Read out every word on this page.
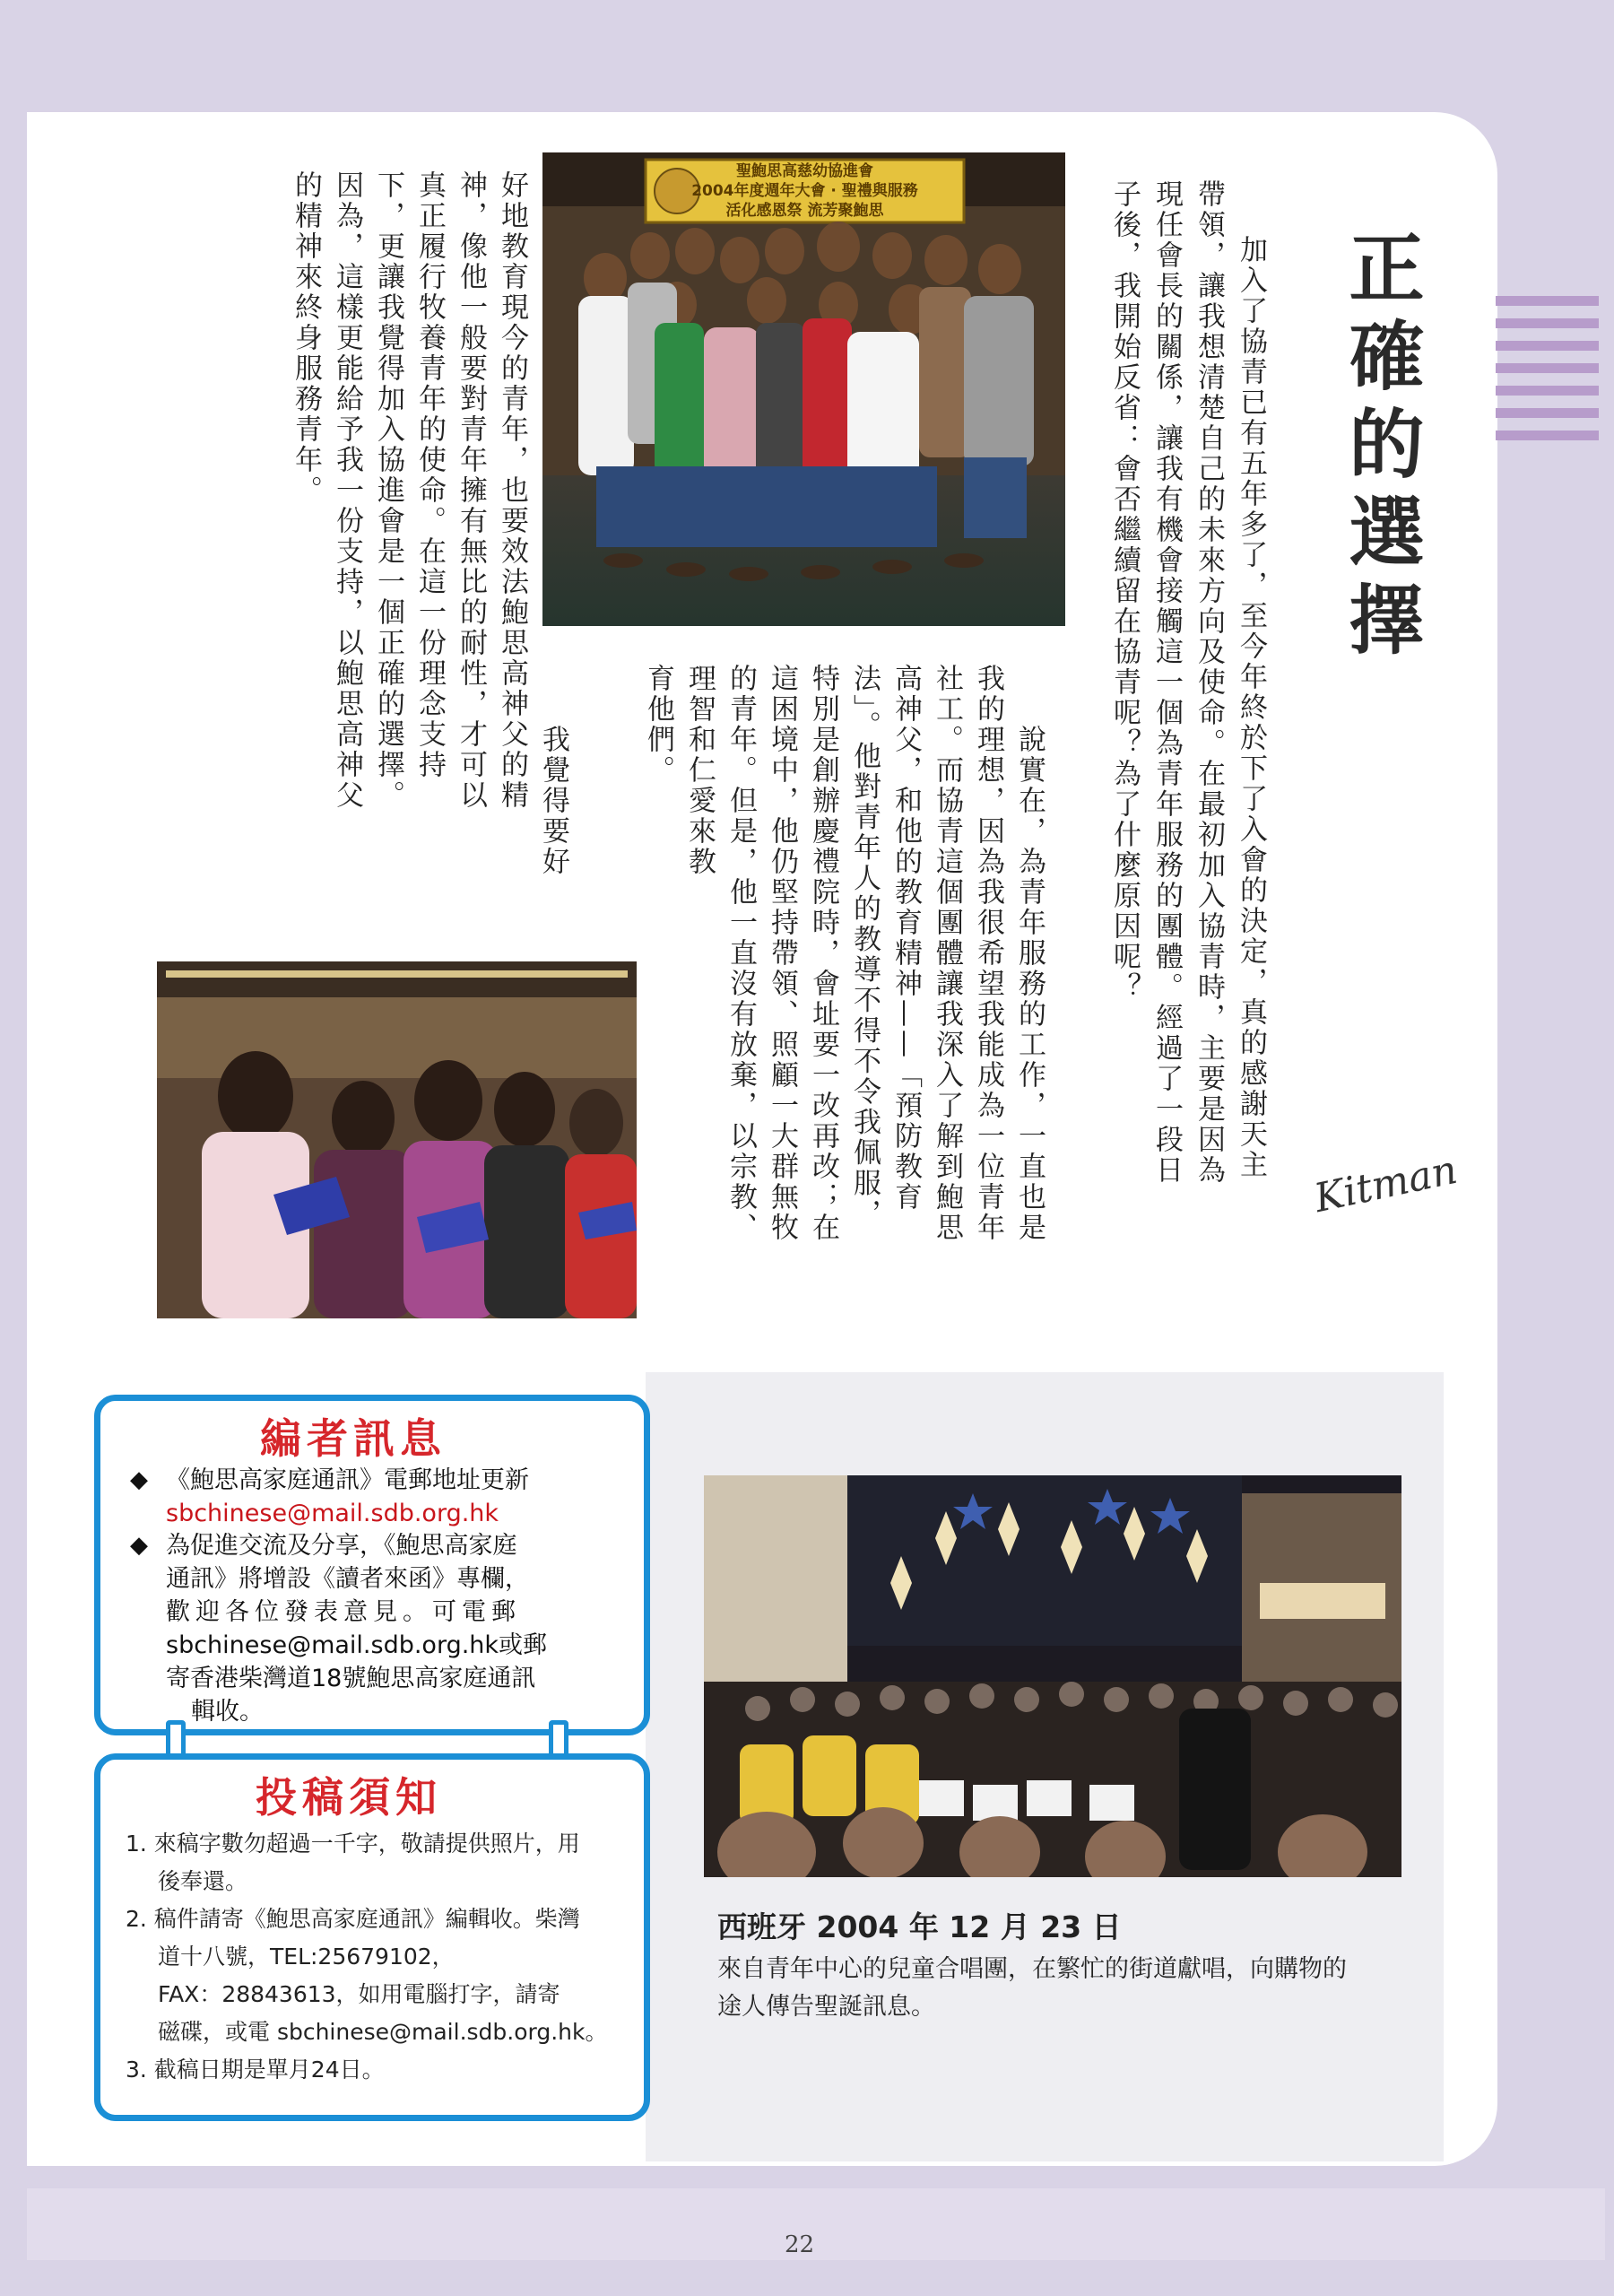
正確的選擇
Kitman
加入了協青已有五年多了，至今年終於下了入會的決定，真的感謝天主
帶領，讓我想清楚自己的未來方向及使命。在最初加入協青時，主要是因為
現任會長的關係，讓我有機會接觸這一個為青年服務的團體。經過了一段日
子後，我開始反省：會否繼續留在協青呢？為了什麼原因呢？
聖鮑思高慈幼協進會
2004年度週年大會 · 聖禮與服務
活化感恩祭 流芳聚鮑思
說實在，為青年服務的工作，一直也是
我的理想，因為我很希望我能成為一位青年
社工。而協青這個團體讓我深入了解到鮑思
高神父，和他的教育精神——「預防教育
法」。他對青年人的教導不得不令我佩服，
特別是創辦慶禮院時，會址要一改再改；在
這困境中，他仍堅持帶領、照顧一大群無牧
的青年。但是，他一直沒有放棄，以宗教、
理智和仁愛來教
育他們。
我覺得要好
好地教育現今的青年，也要效法鮑思高神父的精
神，像他一般要對青年擁有無比的耐性，才可以
真正履行牧養青年的使命。在這一份理念支持
下，更讓我覺得加入協進會是一個正確的選擇。
因為，這樣更能給予我一份支持，以鮑思高神父
的精神來終身服務青年。
西班牙 2004 年 12 月 23 日
來自青年中心的兒童合唱團，在繁忙的街道獻唱，向購物的途人傳告聖誕訊息。
編者訊息
◆ 《鮑思高家庭通訊》電郵地址更新
sbchinese@mail.sdb.org.hk
◆ 為促進交流及分享，《鮑思高家庭
通訊》將增設《讀者來函》專欄，
歡迎各位發表意見。可電郵
sbchinese@mail.sdb.org.hk或郵
寄香港柴灣道18號鮑思高家庭通訊
輯收。
投稿須知
1. 來稿字數勿超過一千字，敬請提供照片，用
後奉還。
2. 稿件請寄《鮑思高家庭通訊》編輯收。柴灣
道十八號，TEL:25679102，
FAX：28843613，如用電腦打字，請寄
磁碟，或電 sbchinese@mail.sdb.org.hk。
3. 截稿日期是單月24日。
22
